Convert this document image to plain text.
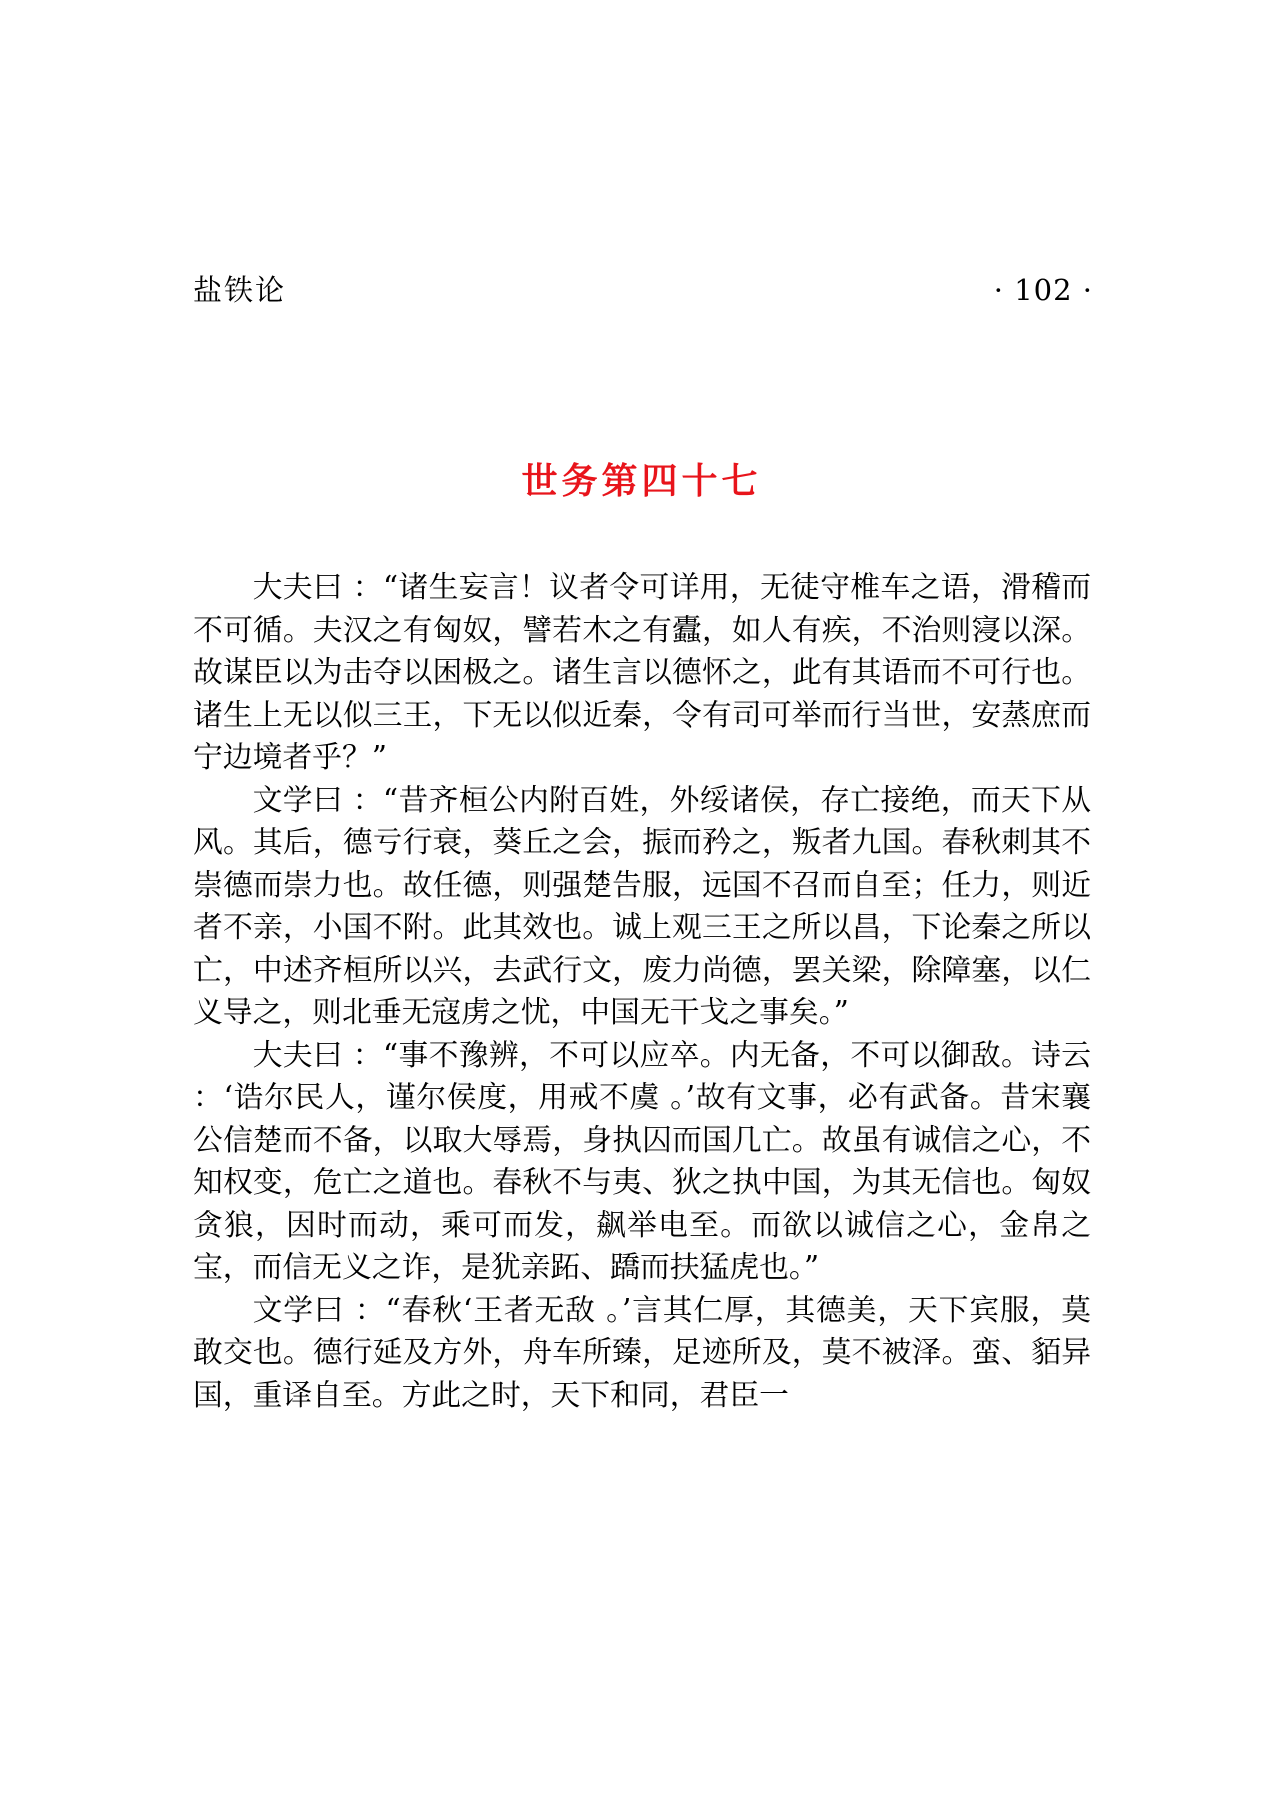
盐铁论	· 102 ·
世务第四十七

大夫曰 ：“诸生妄言！议者令可详用，无徒守椎车之语，滑稽而不可循。夫汉之有匈奴，譬若木之有蠹，如人有疾，不治则寖以深。故谋臣以为击夺以困极之。诸生言以德怀之，此有其语而不可行也。诸生上无以似三王，下无以似近秦，令有司可举而行当世，安蒸庶而宁边境者乎？”

文学曰 ：“昔齐桓公内附百姓，外绥诸侯，存亡接绝，而天下从风。其后，德亏行衰，葵丘之会，振而矜之，叛者九国。春秋刺其不崇德而崇力也。故任德，则强楚告服，远国不召而自至；任力，则近者不亲，小国不附。此其效也。诚上观三王之所以昌，下论秦之所以亡，中述齐桓所以兴，去武行文，废力尚德，罢关梁，除障塞，以仁义导之，则北垂无寇虏之忧，中国无干戈之事矣。”

大夫曰 ：“事不豫辨，不可以应卒。内无备，不可以御敌。诗云 ：‘诰尔民人，谨尔侯度，用戒不虞 。’故有文事，必有武备。昔宋襄公信楚而不备，以取大辱焉，身执囚而国几亡。故虽有诚信之心，不知权变，危亡之道也。春秋不与夷、狄之执中国，为其无信也。匈奴贪狼，因时而动，乘可而发，飙举电至。而欲以诚信之心，金帛之宝，而信无义之诈，是犹亲跖、蹻而扶猛虎也。”

文学曰 ：“春秋‘王者无敌 。’言其仁厚，其德美，天下宾服，莫敢交也。德行延及方外，舟车所臻，足迹所及，莫不被泽。蛮、貊异国，重译自至。方此之时，天下和同，君臣一
